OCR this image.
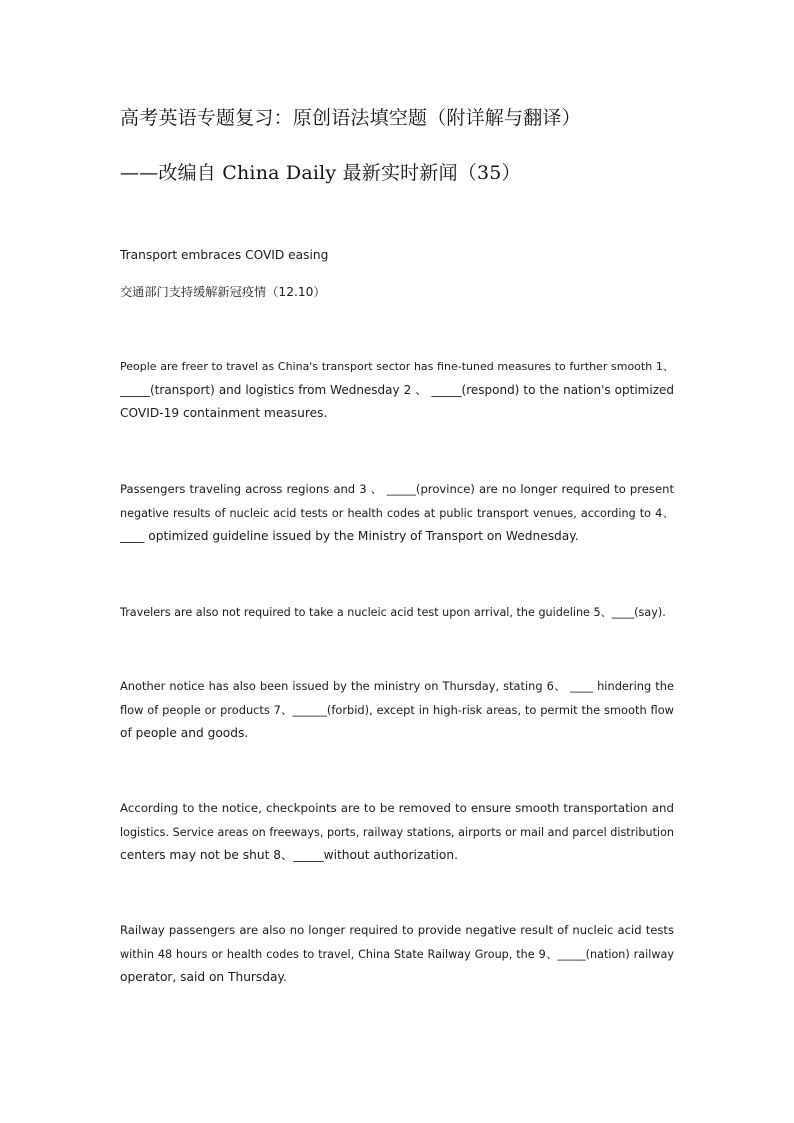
高考英语专题复习：原创语法填空题（附详解与翻译）
——改编自 China Daily 最新实时新闻（35）
Transport embraces COVID easing
交通部门支持缓解新冠疫情（12.10）
People are freer to travel as China's transport sector has fine-tuned measures to further smooth 1、
_____(transport) and logistics from Wednesday 2 、 _____(respond) to the nation's optimized
COVID-19 containment measures.
Passengers traveling across regions and 3 、 _____(province) are no longer required to present
negative results of nucleic acid tests or health codes at public transport venues, according to 4、
____ optimized guideline issued by the Ministry of Transport on Wednesday.
Travelers are also not required to take a nucleic acid test upon arrival, the guideline 5、____(say).
Another notice has also been issued by the ministry on Thursday, stating 6、 ____ hindering the
flow of people or products 7、______(forbid), except in high-risk areas, to permit the smooth flow
of people and goods.
According to the notice, checkpoints are to be removed to ensure smooth transportation and
logistics. Service areas on freeways, ports, railway stations, airports or mail and parcel distribution
centers may not be shut 8、_____without authorization.
Railway passengers are also no longer required to provide negative result of nucleic acid tests
within 48 hours or health codes to travel, China State Railway Group, the 9、_____(nation) railway
operator, said on Thursday.
